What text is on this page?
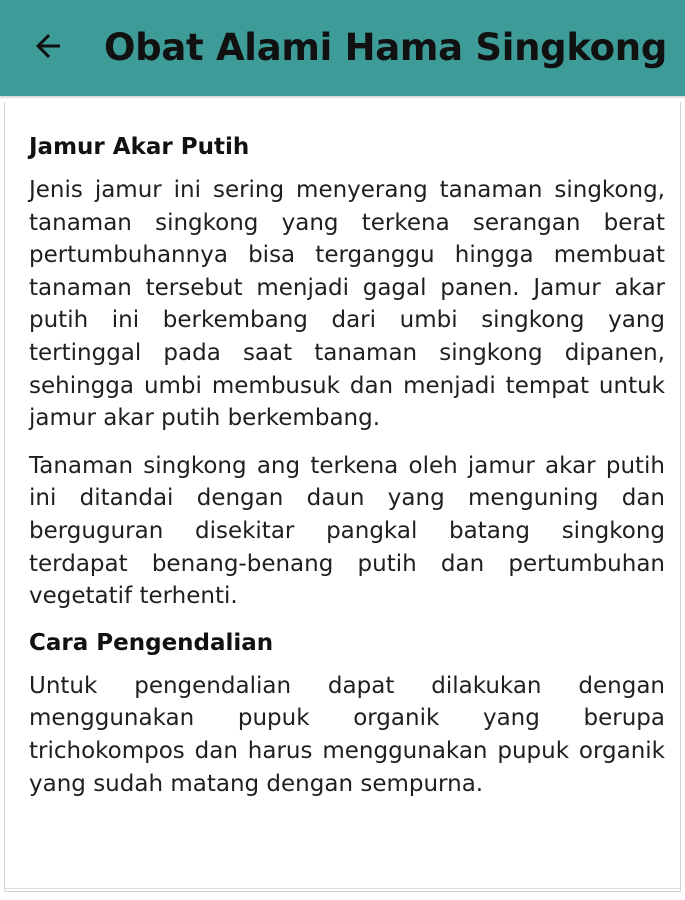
Obat Alami Hama Singkong
Jamur Akar Putih

Jenis jamur ini sering menyerang tanaman singkong, tanaman singkong yang terkena serangan berat pertumbuhannya bisa terganggu hingga membuat tanaman tersebut menjadi gagal panen. Jamur akar putih ini berkembang dari umbi singkong yang tertinggal pada saat tanaman singkong dipanen, sehingga umbi membusuk dan menjadi tempat untuk jamur akar putih berkembang.

Tanaman singkong ang terkena oleh jamur akar putih ini ditandai dengan daun yang menguning dan berguguran disekitar pangkal batang singkong terdapat benang-benang putih dan pertumbuhan vegetatif terhenti.

Cara Pengendalian

Untuk pengendalian dapat dilakukan dengan menggunakan pupuk organik yang berupa trichokompos dan harus menggunakan pupuk organik yang sudah matang dengan sempurna.
